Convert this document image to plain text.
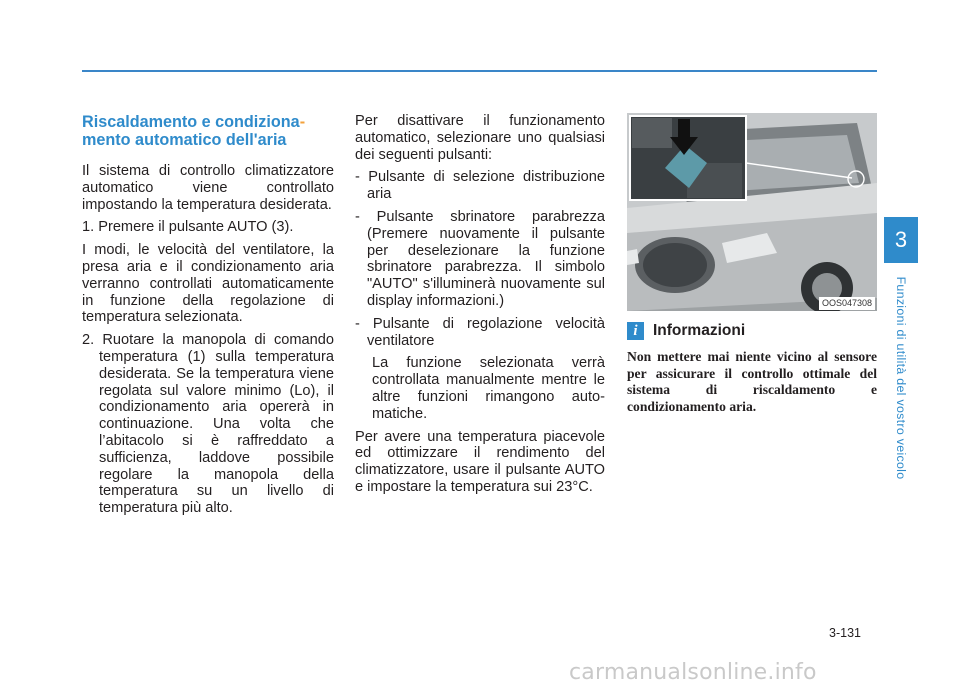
Riscaldamento e condiziona-
mento automatico dell'aria

Il sistema di controllo climatizzatore automatico viene controllato impostando la temperatura desiderata.

1. Premere il pulsante AUTO (3).

I modi, le velocità del ventilatore, la presa aria e il condizionamento aria verranno controllati automaticamente in funzione della regolazione di temperatura selezionata.

2. Ruotare la manopola di comando temperatura (1) sulla temperatura desiderata. Se la temperatura viene regolata sul valore minimo (Lo), il condizionamento aria opererà in continuazione. Una volta che l’abitacolo si è raffreddato a sufficienza, laddove possibile regolare la manopola della temperatura su un livello di temperatura più alto.

Per disattivare il funzionamento automatico, selezionare uno qualsiasi dei seguenti pulsanti:

- Pulsante di selezione distribuzione aria

- Pulsante sbrinatore parabrezza (Premere nuovamente il pulsante per deselezionare la funzione sbrinatore parabrezza. Il simbolo "AUTO" s'illuminerà nuovamente sul display informazioni.)

- Pulsante di regolazione velocità ventilatore

La funzione selezionata verrà controllata manualmente mentre le altre funzioni rimangono auto-matiche.

Per avere una temperatura piacevole ed ottimizzare il rendimento del climatizzatore, usare il pulsante AUTO e impostare la temperatura sui 23°C.

OOS047308
i Informazioni

Non mettere mai niente vicino al sensore per assicurare il controllo ottimale del sistema di riscaldamento e condizionamento aria.

3
Funzioni di utilità del vostro veicolo
3-131
carmanualsonline.info
